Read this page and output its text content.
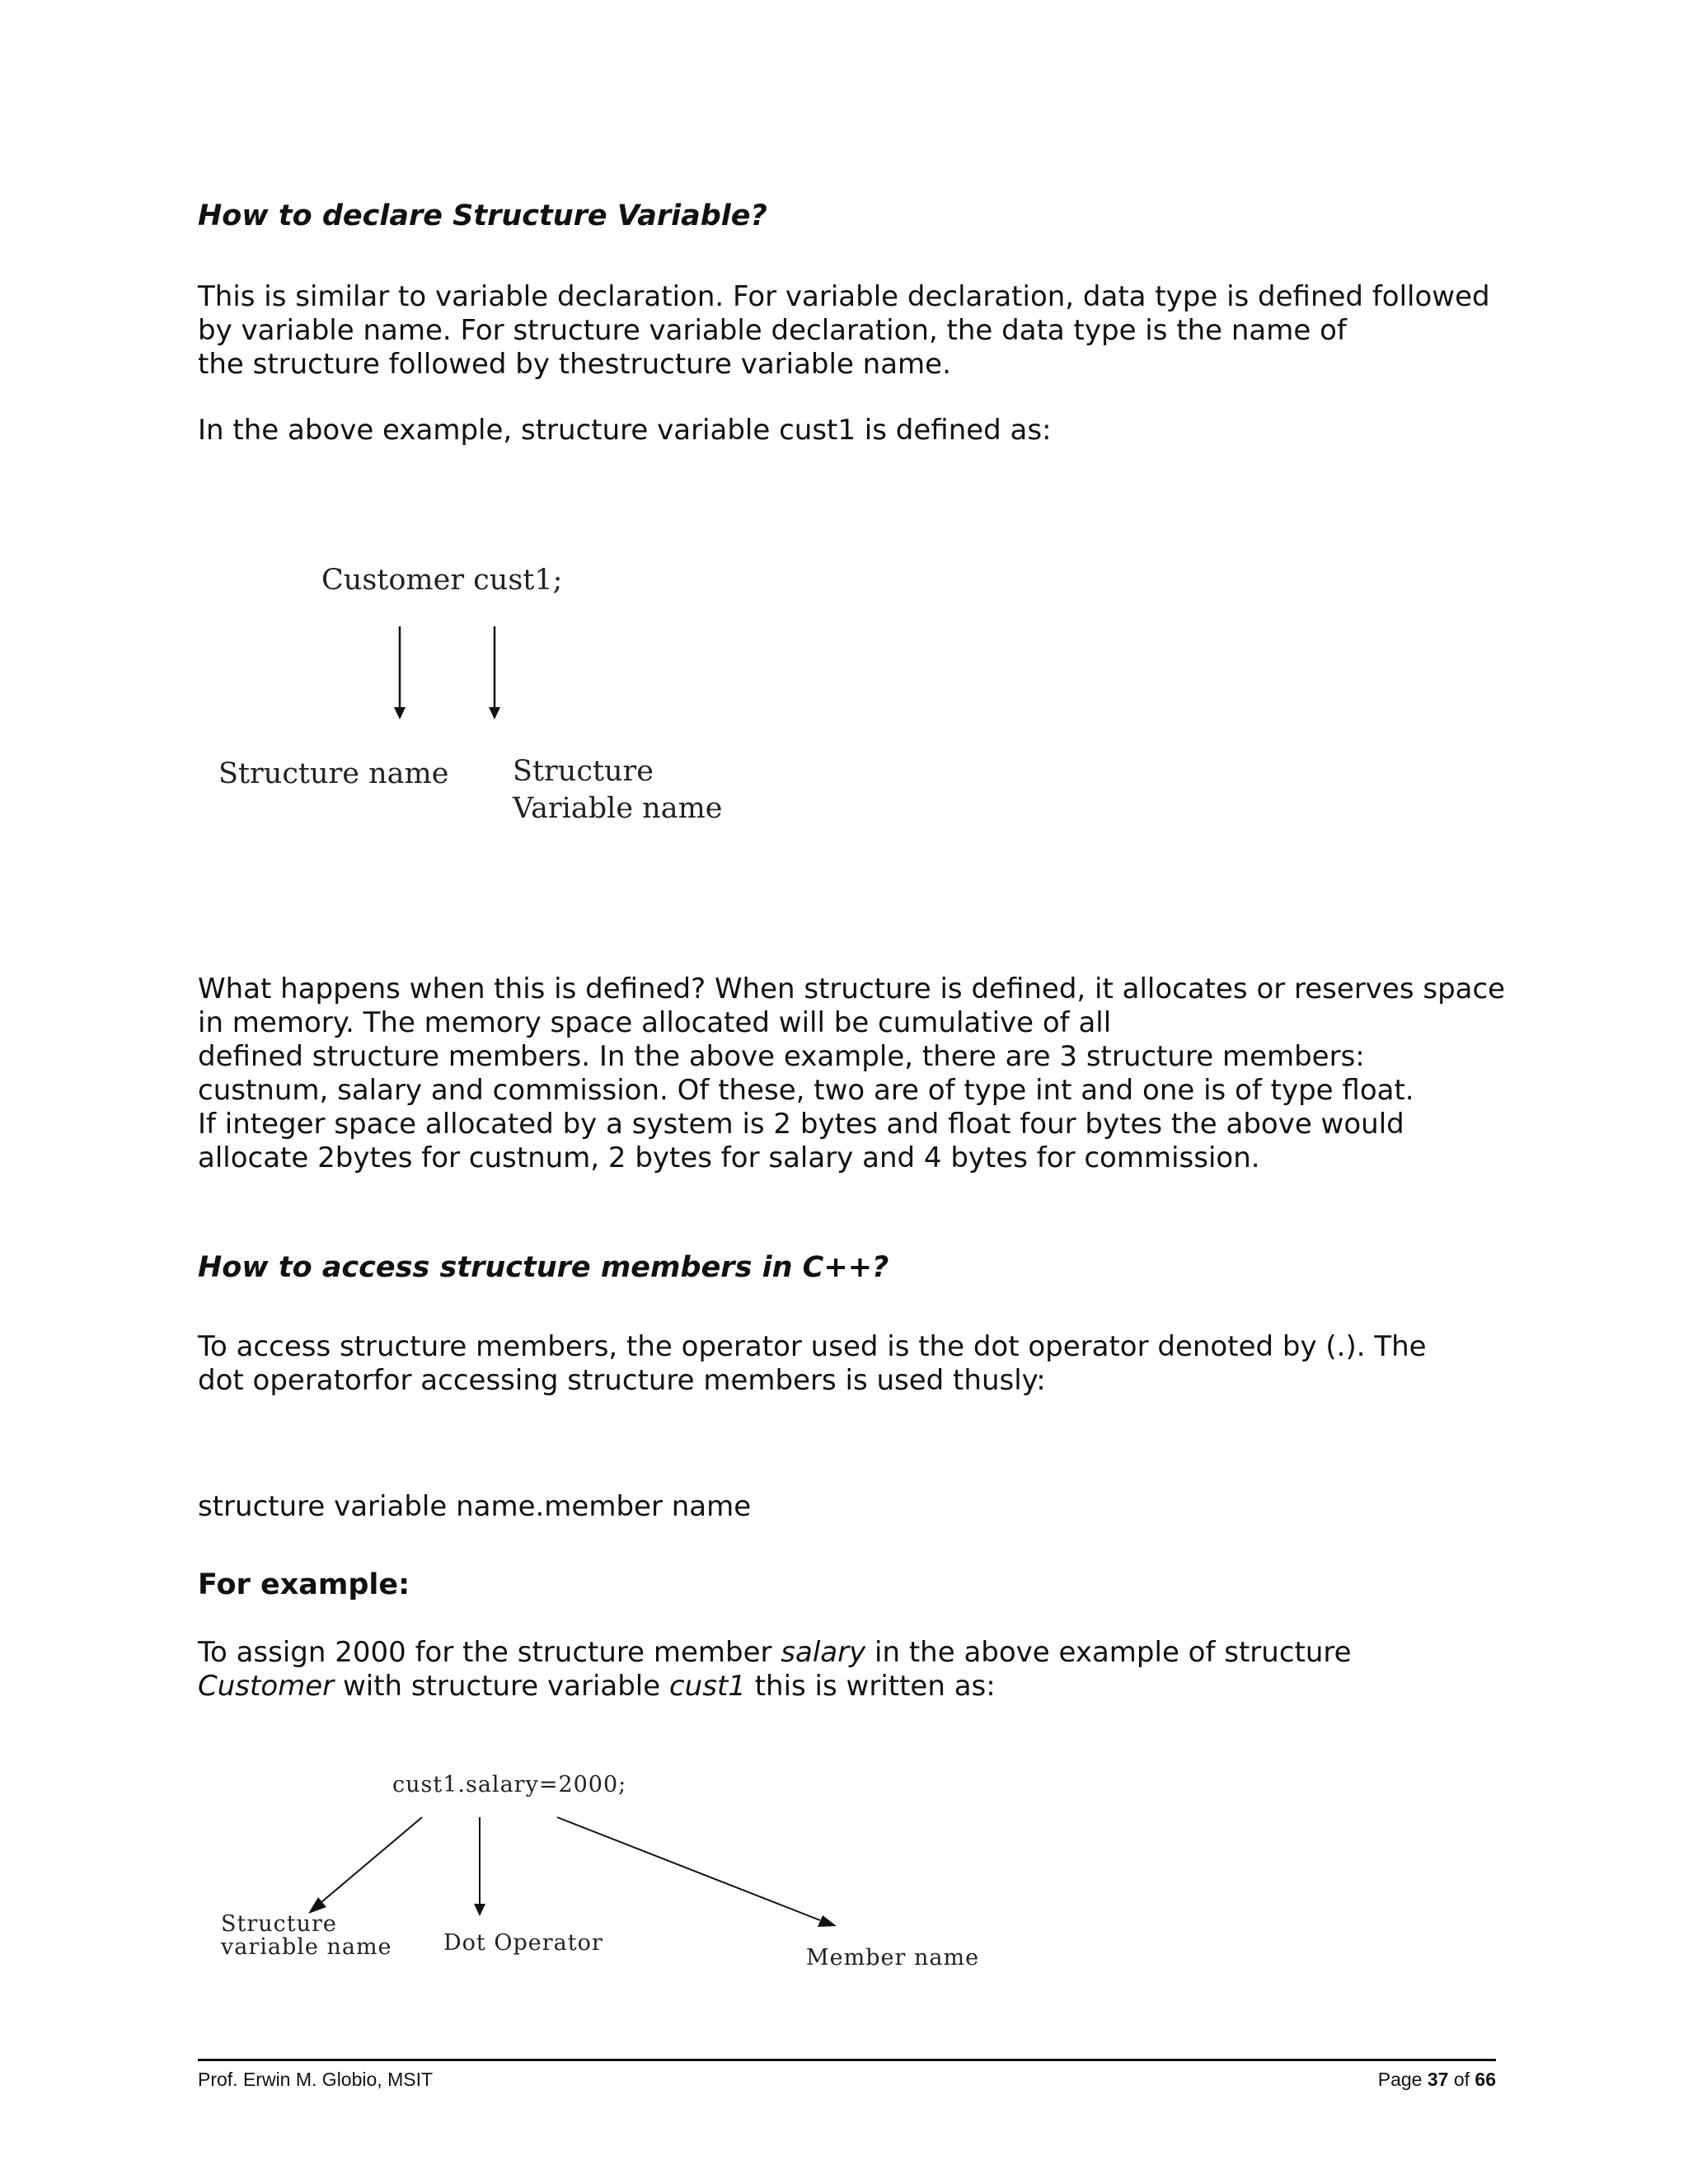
How to declare Structure Variable?
This is similar to variable declaration. For variable declaration, data type is defined followed
by variable name. For structure variable declaration, the data type is the name of
the structure followed by thestructure variable name.
In the above example, structure variable cust1 is defined as:
Customer cust1;
Structure name Structure
Variable name
What happens when this is defined? When structure is defined, it allocates or reserves space
in memory. The memory space allocated will be cumulative of all
defined structure members. In the above example, there are 3 structure members:
custnum, salary and commission. Of these, two are of type int and one is of type float.
If integer space allocated by a system is 2 bytes and float four bytes the above would
allocate 2bytes for custnum, 2 bytes for salary and 4 bytes for commission.
How to access structure members in C++?
To access structure members, the operator used is the dot operator denoted by (.). The
dot operatorfor accessing structure members is used thusly:
structure variable name.member name
For example:
To assign 2000 for the structure member salary in the above example of structure
Customer with structure variable cust1 this is written as:
cust1.salary=2000;
Structure
variable name Dot Operator
Member name
Prof. Erwin M. Globio, MSIT	Page 37 of 66
